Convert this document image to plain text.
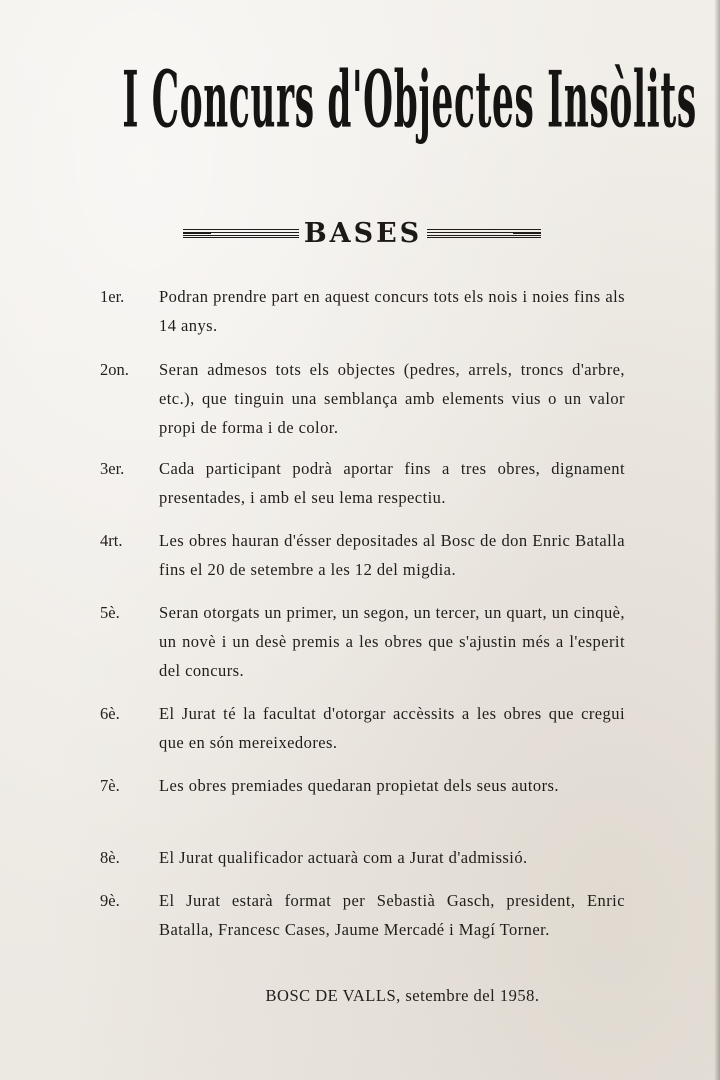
I Concurs d'Objectes Insòlits
BASES
1er. Podran prendre part en aquest concurs tots els nois i noies fins als 14 anys.
2on. Seran admesos tots els objectes (pedres, arrels, troncs d'arbre, etc.), que tinguin una semblança amb elements vius o un valor propi de forma i de color.
3er. Cada participant podrà aportar fins a tres obres, dignament presentades, i amb el seu lema respectiu.
4rt. Les obres hauran d'ésser depositades al Bosc de don Enric Batalla fins el 20 de setembre a les 12 del migdia.
5è. Seran otorgats un primer, un segon, un tercer, un quart, un cinquè, un novè i un desè premis a les obres que s'ajustin més a l'esperit del concurs.
6è. El Jurat té la facultat d'otorgar accèssits a les obres que cregui que en són mereixedores.
7è. Les obres premiades quedaran propietat dels seus autors.
8è. El Jurat qualificador actuarà com a Jurat d'admissió.
9è. El Jurat estarà format per Sebastià Gasch, president, Enric Batalla, Francesc Cases, Jaume Mercadé i Magí Torner.
BOSC DE VALLS, setembre del 1958.
